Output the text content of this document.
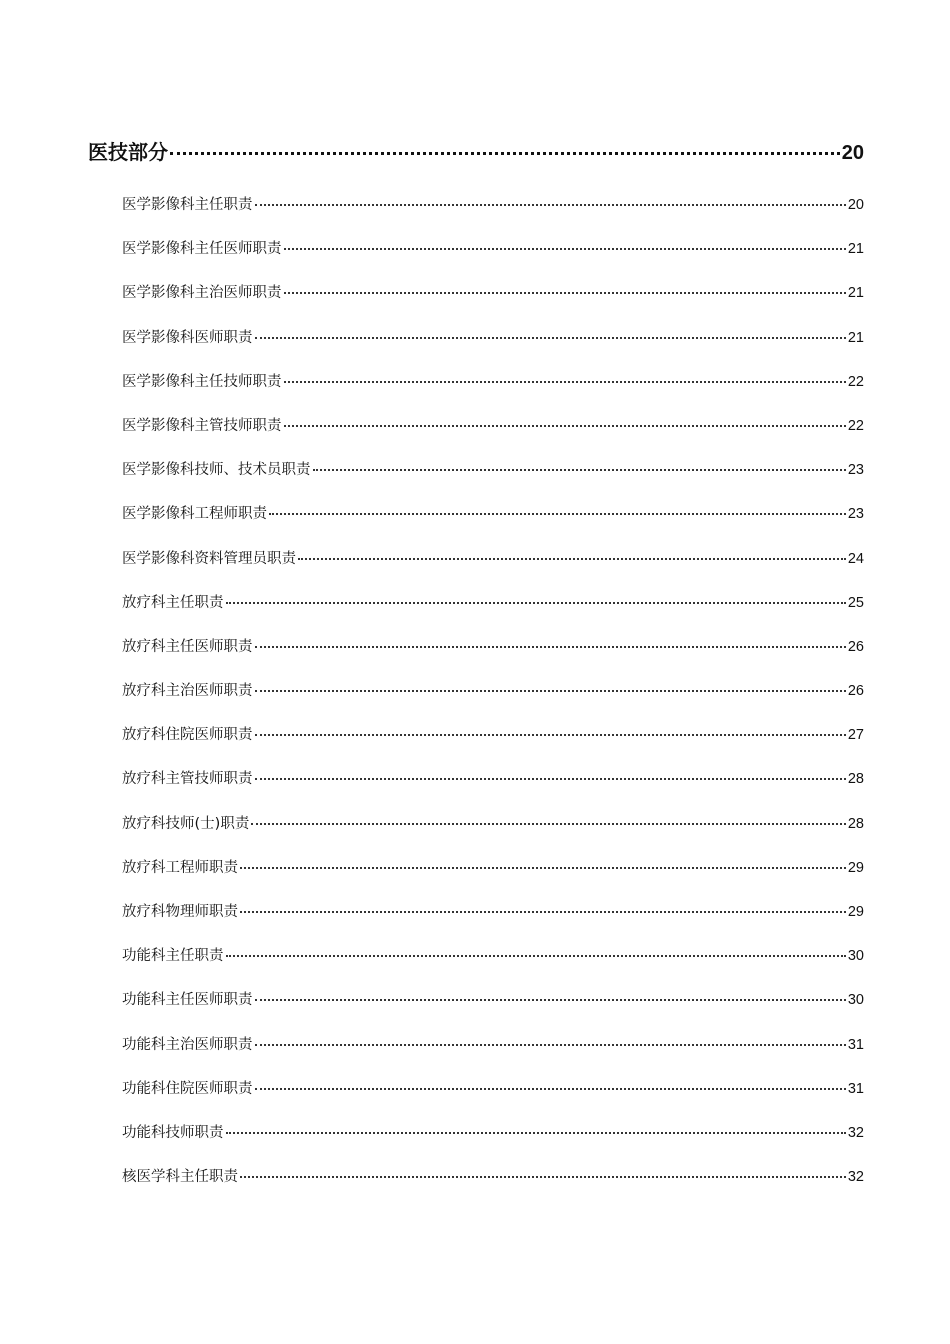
医技部分	20
医学影像科主任职责	20
医学影像科主任医师职责	21
医学影像科主治医师职责	21
医学影像科医师职责	21
医学影像科主任技师职责	22
医学影像科主管技师职责	22
医学影像科技师、技术员职责	23
医学影像科工程师职责	23
医学影像科资料管理员职责	24
放疗科主任职责	25
放疗科主任医师职责	26
放疗科主治医师职责	26
放疗科住院医师职责	27
放疗科主管技师职责	28
放疗科技师(士)职责	28
放疗科工程师职责	29
放疗科物理师职责	29
功能科主任职责	30
功能科主任医师职责	30
功能科主治医师职责	31
功能科住院医师职责	31
功能科技师职责	32
核医学科主任职责	32
